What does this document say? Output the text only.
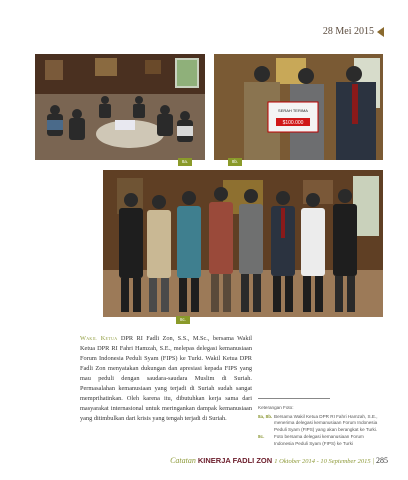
28 Mei 2015
8a.
SERAH TERIMA
$100.000
8b.
8c.
Wakil Ketua DPR RI Fadli Zon, S.S., M.Sc., bersama Wakil Ketua DPR RI Fahri Hamzah, S.E., melepas delegasi kemanusiaan Forum Indonesia Peduli Syam (FIPS) ke Turki. Wakil Ketua DPR Fadli Zon menyatakan dukungan dan apresiasi kepada FIPS yang mau peduli dengan saudara-saudara Muslim di Suriah. Permasalahan kemanusiaan yang terjadi di Suriah sudah sangat memprihatinkan. Oleh karena itu, dibutuhkan kerja sama dari masyarakat internasional untuk meringankan dampak kemanusiaan yang ditimbulkan dari krisis yang tengah terjadi di Suriah.
Keterangan Foto:
8a, 8b. Bersama Wakil Ketua DPR RI Fahri Hamzah, S.E., menerima delegasi kemanusiaan Forum Indonesia Peduli Syam (FIPS) yang akan berangkat ke Turki.
8c.	Foto bersama delegasi kemanusiaan Forum Indonesia Peduli Syam (FIPS) ke Turki
Catatan KINERJA FADLI ZON 1 Oktober 2014 - 10 September 2015 | 285
